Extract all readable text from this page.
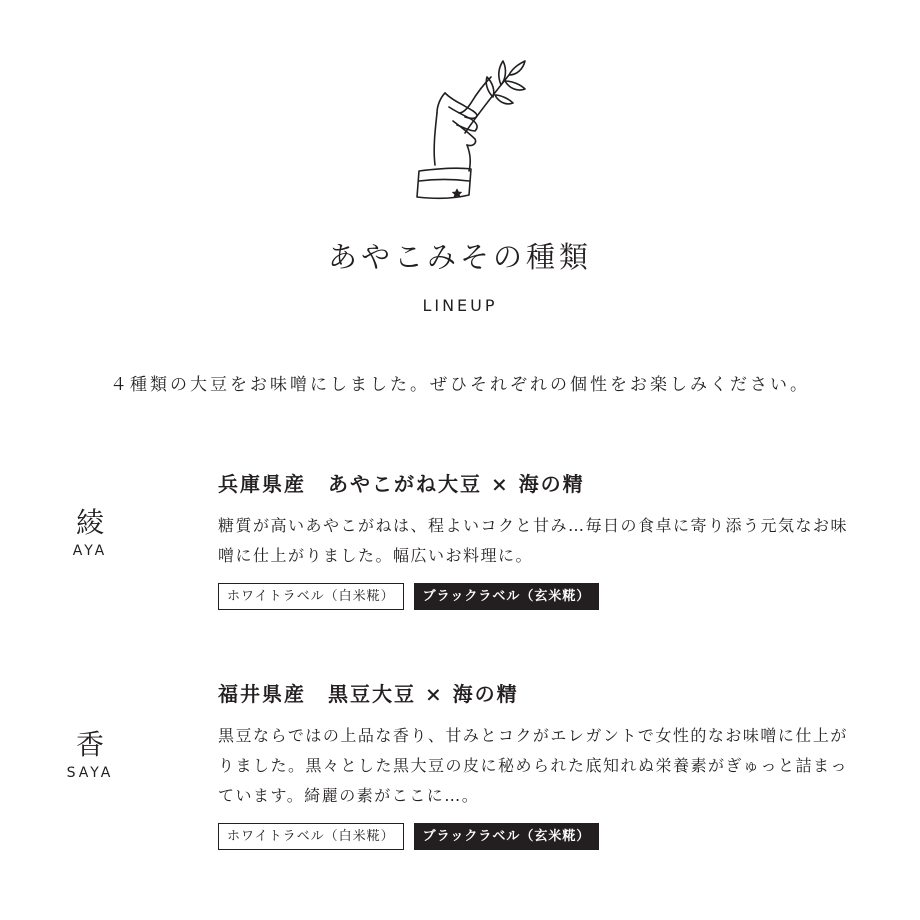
あやこみその種類
LINEUP
４種類の大豆をお味噌にしました。ぜひそれぞれの個性をお楽しみください。
綾
AYA
兵庫県産　あやこがね大豆 × 海の精

糖質が高いあやこがねは、程よいコクと甘み…毎日の食卓に寄り添う元気なお味噌に仕上がりました。幅広いお料理に。

ホワイトラベル（白米糀）	ブラックラベル（玄米糀）
香
SAYA
福井県産　黒豆大豆 × 海の精

黒豆ならではの上品な香り、甘みとコクがエレガントで女性的なお味噌に仕上がりました。黒々とした黒大豆の皮に秘められた底知れぬ栄養素がぎゅっと詰まっています。綺麗の素がここに…。

ホワイトラベル（白米糀）	ブラックラベル（玄米糀）
